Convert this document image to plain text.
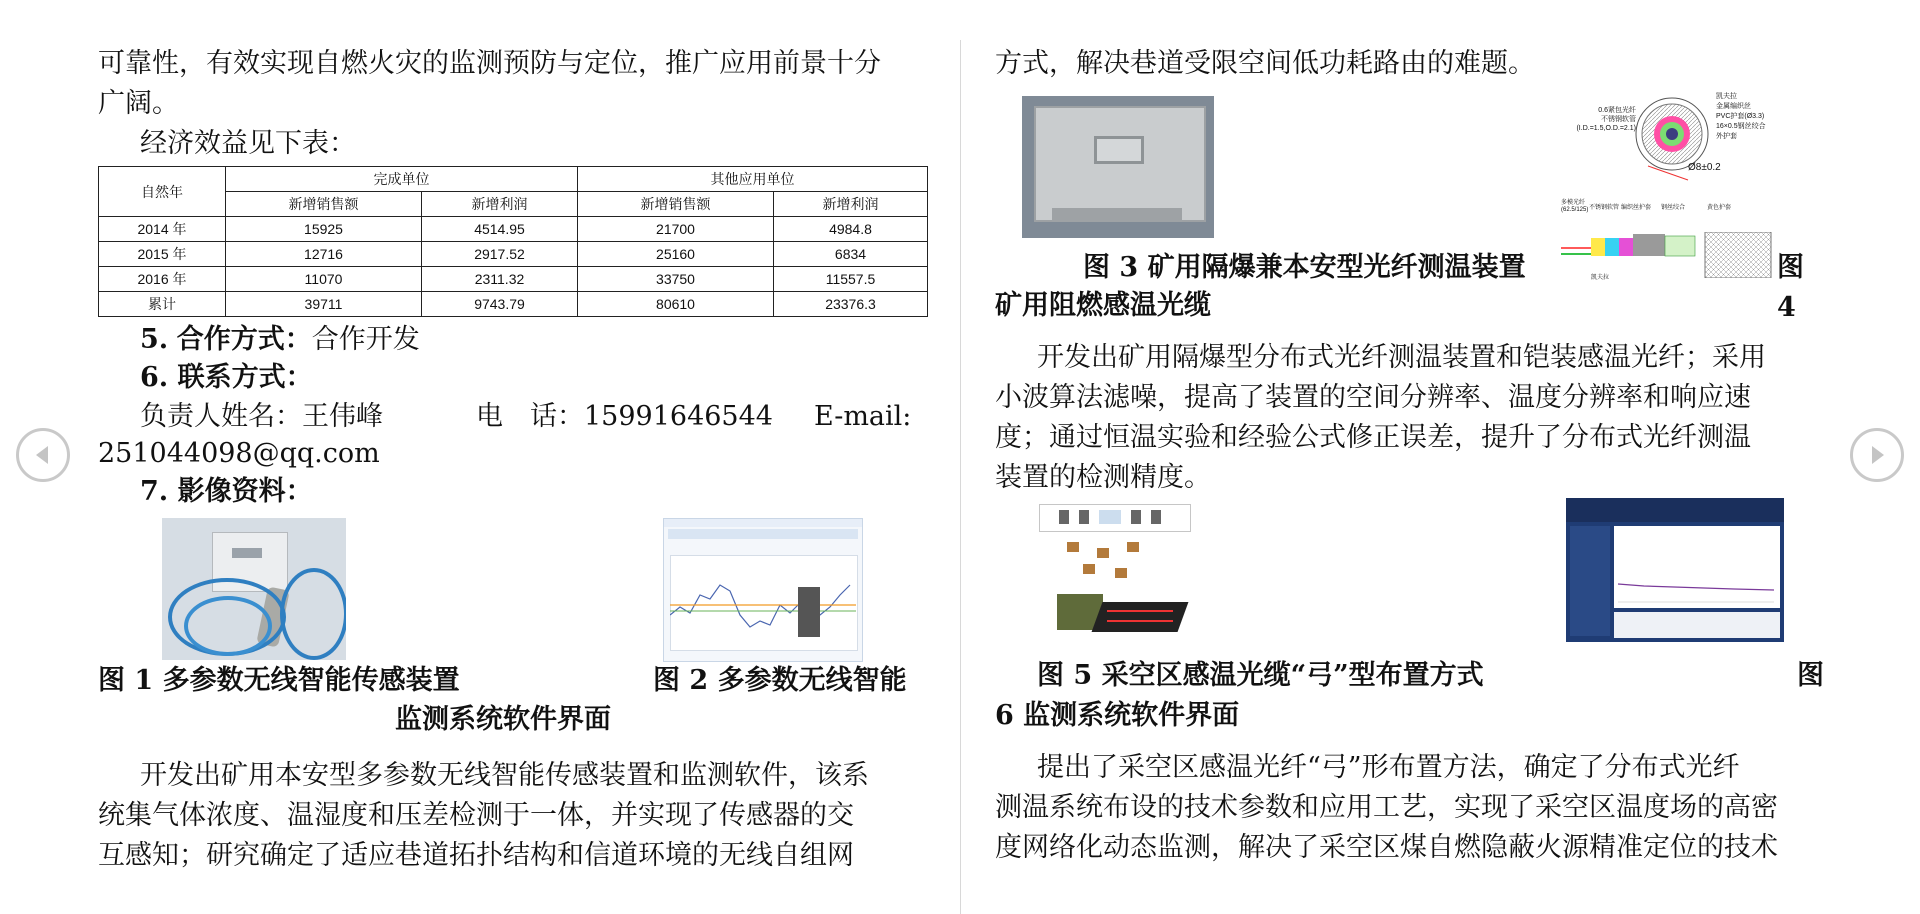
可靠性，有效实现自燃火灾的监测预防与定位，推广应用前景十分

广阔。

经济效益见下表：

自然年	完成单位		其他应用单位	
	新增销售额	新增利润	新增销售额	新增利润
2014 年	15925	4514.95	21700	4984.8
2015 年	12716	2917.52	25160	6834
2016 年	11070	2311.32	33750	11557.5
累计	39711	9743.79	80610	23376.3

5. 合作方式：合作开发

6. 联系方式：

负责人姓名：王伟峰	电　话：15991646544 E-mail:

251044098@qq.com

7. 影像资料：

图 1 多参数无线智能传感装置	图 2 多参数无线智能

监测系统软件界面

开发出矿用本安型多参数无线智能传感装置和监测软件，该系

统集气体浓度、温湿度和压差检测于一体，并实现了传感器的交

互感知；研究确定了适应巷道拓扑结构和信道环境的无线自组网

方式，解决巷道受限空间低功耗路由的难题。

0.6紧包光纤
不锈钢软管
(I.D.=1.5,O.D.=2.1)
凯夫拉
金属编织丝
PVC护套(Ø3.3)
16×0.5钢丝绞合
外护套
Ø8±0.2
多模光纤
(62.5/125) 不锈钢软管 编织丝 护套 钢丝绞合	黄色护套
凯夫拉

图 3 矿用隔爆兼本安型光纤测温装置	图 4

矿用阻燃感温光缆

开发出矿用隔爆型分布式光纤测温装置和铠装感温光纤；采用

小波算法滤噪，提高了装置的空间分辨率、温度分辨率和响应速

度；通过恒温实验和经验公式修正误差，提升了分布式光纤测温

装置的检测精度。

图 5 采空区感温光缆“弓”型布置方式	图

6 监测系统软件界面

提出了采空区感温光纤“弓”形布置方法，确定了分布式光纤

测温系统布设的技术参数和应用工艺，实现了采空区温度场的高密

度网络化动态监测，解决了采空区煤自燃隐蔽火源精准定位的技术
